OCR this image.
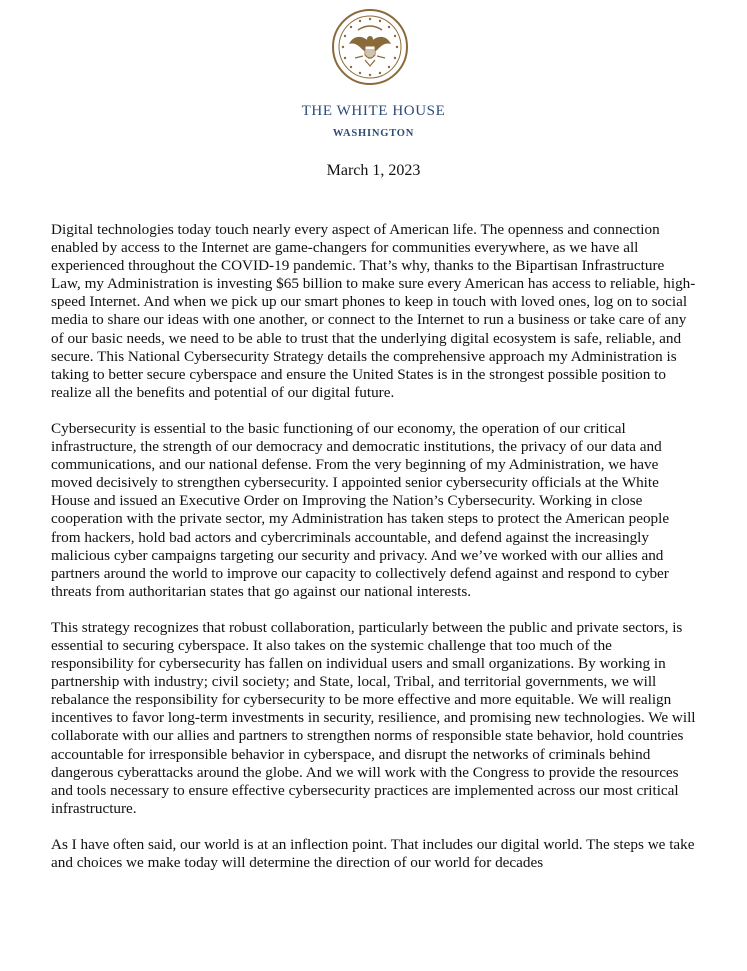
THE WHITE HOUSE
WASHINGTON
March 1, 2023

Digital technologies today touch nearly every aspect of American life. The openness and connection enabled by access to the Internet are game-changers for communities everywhere, as we have all experienced throughout the COVID-19 pandemic. That’s why, thanks to the Bipartisan Infrastructure Law, my Administration is investing $65 billion to make sure every American has access to reliable, high-speed Internet. And when we pick up our smart phones to keep in touch with loved ones, log on to social media to share our ideas with one another, or connect to the Internet to run a business or take care of any of our basic needs, we need to be able to trust that the underlying digital ecosystem is safe, reliable, and secure. This National Cybersecurity Strategy details the comprehensive approach my Administration is taking to better secure cyberspace and ensure the United States is in the strongest possible position to realize all the benefits and potential of our digital future.

Cybersecurity is essential to the basic functioning of our economy, the operation of our critical infrastructure, the strength of our democracy and democratic institutions, the privacy of our data and communications, and our national defense. From the very beginning of my Administration, we have moved decisively to strengthen cybersecurity. I appointed senior cybersecurity officials at the White House and issued an Executive Order on Improving the Nation’s Cybersecurity. Working in close cooperation with the private sector, my Administration has taken steps to protect the American people from hackers, hold bad actors and cybercriminals accountable, and defend against the increasingly malicious cyber campaigns targeting our security and privacy. And we’ve worked with our allies and partners around the world to improve our capacity to collectively defend against and respond to cyber threats from authoritarian states that go against our national interests.

This strategy recognizes that robust collaboration, particularly between the public and private sectors, is essential to securing cyberspace. It also takes on the systemic challenge that too much of the responsibility for cybersecurity has fallen on individual users and small organizations. By working in partnership with industry; civil society; and State, local, Tribal, and territorial governments, we will rebalance the responsibility for cybersecurity to be more effective and more equitable. We will realign incentives to favor long-term investments in security, resilience, and promising new technologies. We will collaborate with our allies and partners to strengthen norms of responsible state behavior, hold countries accountable for irresponsible behavior in cyberspace, and disrupt the networks of criminals behind dangerous cyberattacks around the globe. And we will work with the Congress to provide the resources and tools necessary to ensure effective cybersecurity practices are implemented across our most critical infrastructure.

As I have often said, our world is at an inflection point. That includes our digital world. The steps we take and choices we make today will determine the direction of our world for decades
